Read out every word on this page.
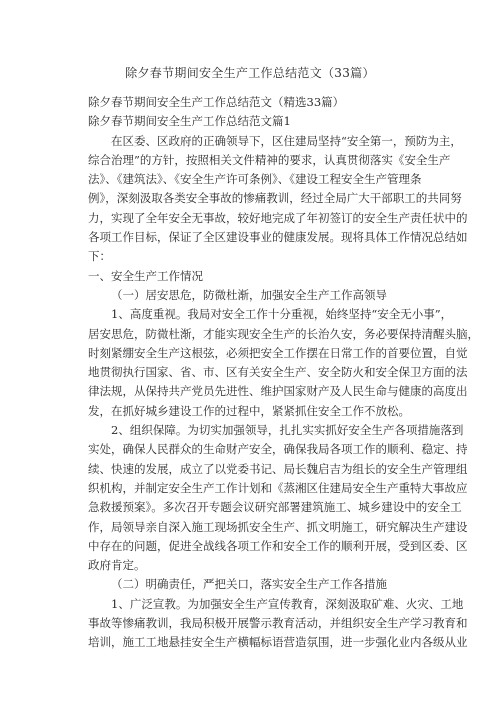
除夕春节期间安全生产工作总结范文（33篇）
除夕春节期间安全生产工作总结范文（精选33篇）
除夕春节期间安全生产工作总结范文篇1
在区委、区政府的正确领导下，区住建局坚持“安全第一，预防为主，
综合治理”的方针，按照相关文件精神的要求，认真贯彻落实《安全生产
法》、《建筑法》、《安全生产许可条例》、《建设工程安全生产管理条
例》，深刻汲取各类安全事故的惨痛教训，经过全局广大干部职工的共同努
力，实现了全年安全无事故，较好地完成了年初签订的安全生产责任状中的
各项工作目标，保证了全区建设事业的健康发展。现将具体工作情况总结如
下：
一、安全生产工作情况
（一）居安思危，防微杜渐，加强安全生产工作高领导
1、高度重视。我局对安全工作十分重视，始终坚持“安全无小事”，
居安思危，防微杜渐，才能实现安全生产的长治久安，务必要保持清醒头脑，
时刻紧绷安全生产这根弦，必须把安全工作摆在日常工作的首要位置，自觉
地贯彻执行国家、省、市、区有关安全生产、安全防火和安全保卫方面的法
律法规，从保持共产党员先进性、维护国家财产及人民生命与健康的高度出
发，在抓好城乡建设工作的过程中，紧紧抓住安全工作不放松。
2、组织保障。为切实加强领导，扎扎实实抓好安全生产各项措施落到
实处，确保人民群众的生命财产安全，确保我局各项工作的顺利、稳定、持
续、快速的发展，成立了以党委书记、局长魏启吉为组长的安全生产管理组
织机构，并制定安全生产工作计划和《蒸湘区住建局安全生产重特大事故应
急救援预案》。多次召开专题会议研究部署建筑施工、城乡建设中的安全工
作，局领导亲自深入施工现场抓安全生产、抓文明施工，研究解决生产建设
中存在的问题，促进全战线各项工作和安全工作的顺利开展，受到区委、区
政府肯定。
（二）明确责任，严把关口，落实安全生产工作各措施
1、广泛宣教。为加强安全生产宣传教育，深刻汲取矿难、火灾、工地
事故等惨痛教训，我局积极开展警示教育活动，并组织安全生产学习教育和
培训，施工工地悬挂安全生产横幅标语营造氛围，进一步强化业内各级从业
